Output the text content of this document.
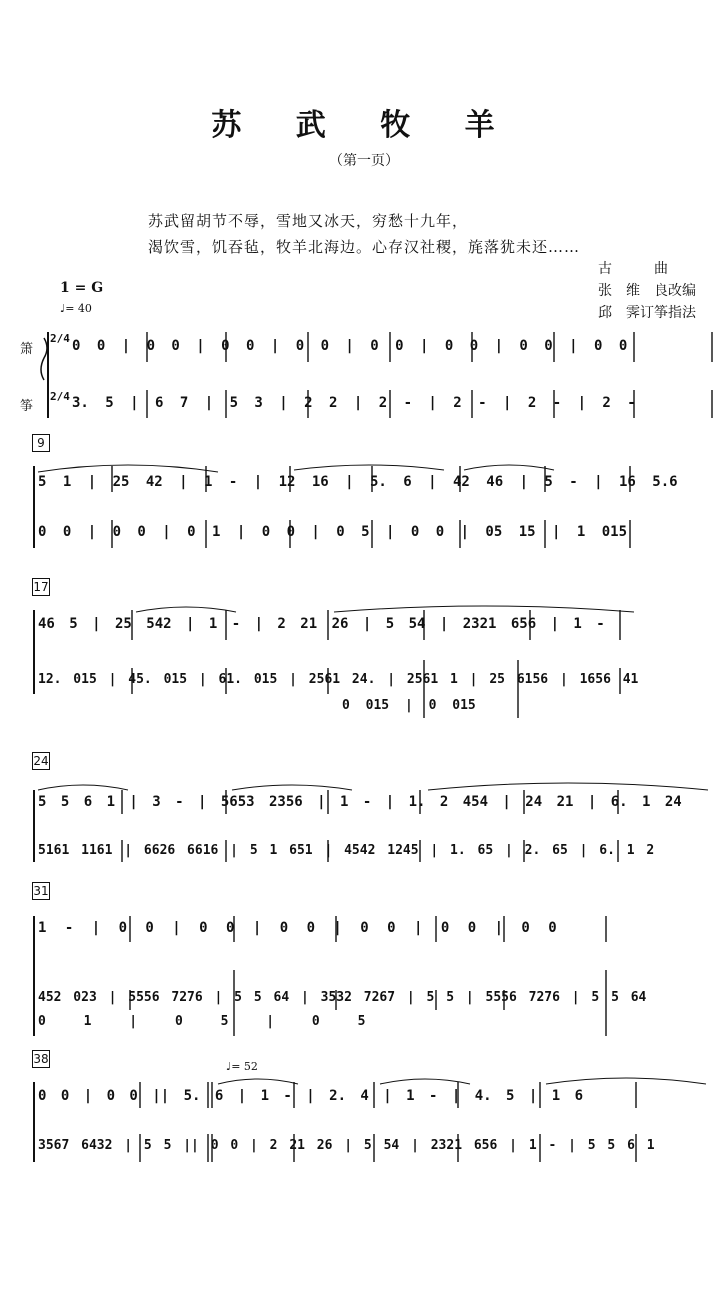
苏 武 牧 羊
（第一页）
苏武留胡节不辱，雪地又冰天，穷愁十九年，
渴饮雪，饥吞毡，牧羊北海边。心存汉社稷，旄落犹未还……
古　　　曲
张　维　良改编
邱　霁订筝指法
1 = G
♩= 40
箫
筝
2/4
2/4
0 0 | 0 0 | 0 0 | 0 0 | 0 0 | 0 0 | 0 0 | 0 0
3. 5 | 6 7 | 5 3 | 2 2 | 2 - | 2 - | 2 - | 2 -
9
5 1 | 25 42 | 1 - | 12 16 | 5. 6 | 42 46 | 5 - | 16 5.6
0 0 | 0 0 | 0 1 | 0 0 | 0 5 | 0 0 | 05 15 | 1 015
17
46 5 | 25 542 | 1 - | 2 21 26 | 5 54 | 2321 656 | 1 -
12. 015 | 45. 015 | 61. 015 | 2561 24. | 2561 1 | 25 6156 | 1656 41
0 015 | 0 015
24
5 5 6 1 | 3 - | 5653 2356 | 1 - | 1. 2 454 | 24 21 | 6. 1 24
5161 1161 | 6626 6616 | 5 1 651 | 4542 1245 | 1. 65 | 2. 65 | 6. 1 2
31
1 - | 0 0 | 0 0 | 0 0 | 0 0 | 0 0 | 0 0
452 023 | 5556 7276 | 5 5 64 | 3532 7267 | 5 5 | 5556 7276 | 5 5 64
0 1 | 0 5 | 0 5
38
♩= 52
0 0 | 0 0 || 5. 6 | 1 - | 2. 4 | 1 - | 4. 5 | 1 6
3567 6432 | 5 5 || 0 0 | 2 21 26 | 5 54 | 2321 656 | 1 - | 5 5 6 1
